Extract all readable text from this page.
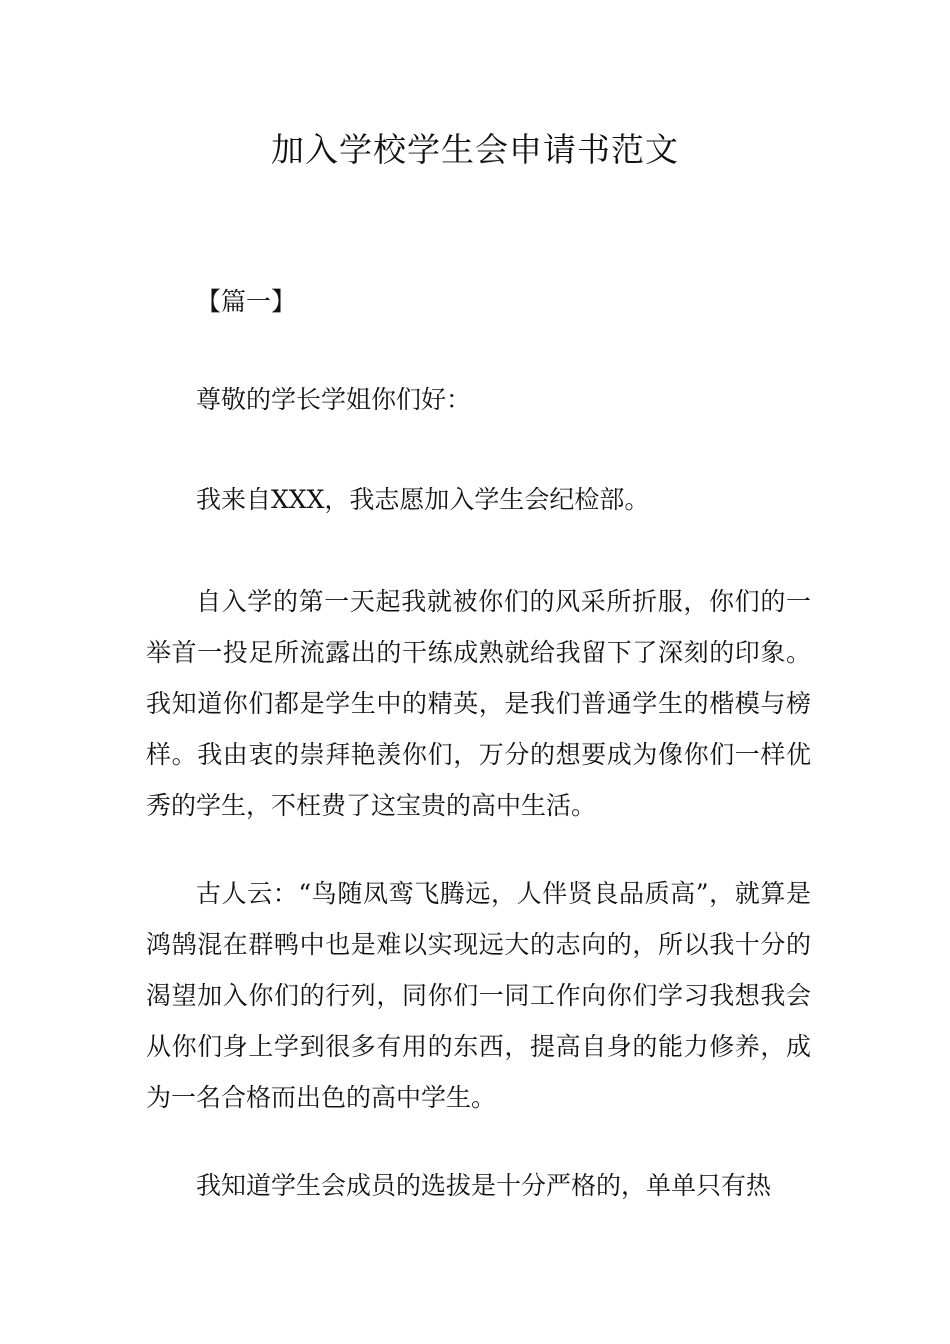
加入学校学生会申请书范文

【篇一】

尊敬的学长学姐你们好：

我来自XXX，我志愿加入学生会纪检部。

自入学的第一天起我就被你们的风采所折服，你们的一举首一投足所流露出的干练成熟就给我留下了深刻的印象。我知道你们都是学生中的精英，是我们普通学生的楷模与榜样。我由衷的崇拜艳羡你们，万分的想要成为像你们一样优秀的学生，不枉费了这宝贵的高中生活。

古人云：“鸟随凤鸾飞腾远，人伴贤良品质高”，就算是鸿鹄混在群鸭中也是难以实现远大的志向的，所以我十分的渴望加入你们的行列，同你们一同工作向你们学习我想我会从你们身上学到很多有用的东西，提高自身的能力修养，成为一名合格而出色的高中学生。

我知道学生会成员的选拔是十分严格的，单单只有热
